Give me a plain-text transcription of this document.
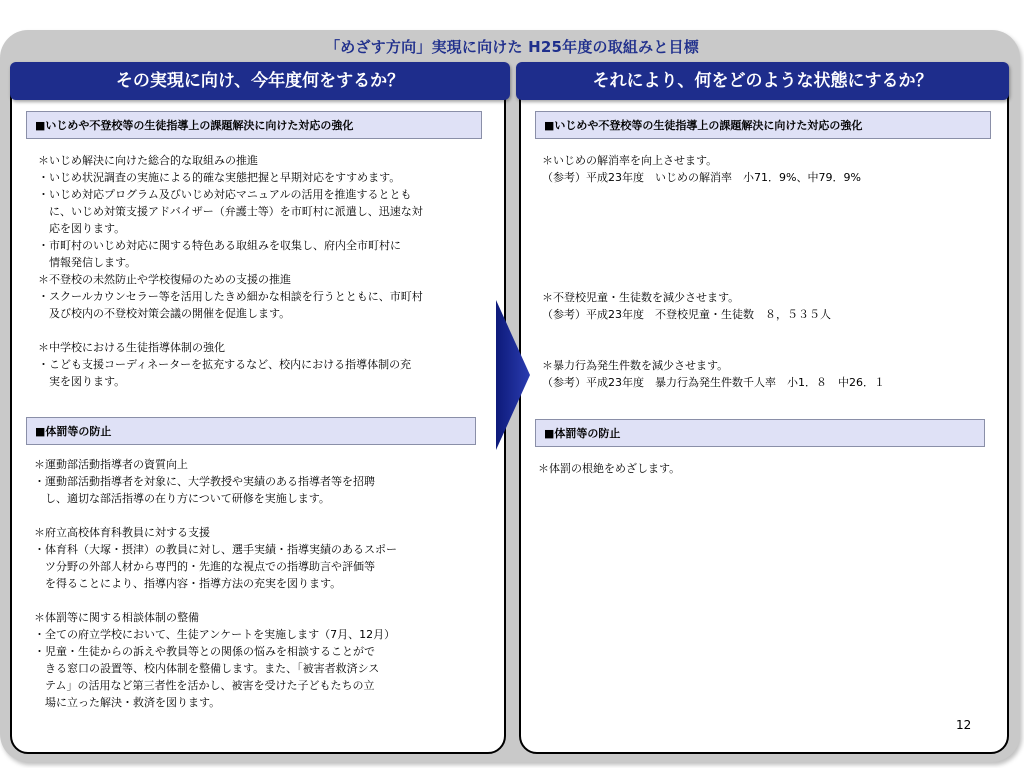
「めざす方向」実現に向けた H25年度の取組みと目標
その実現に向け、今年度何をするか？	それにより、何をどのような状態にするか？
■いじめや不登校等の生徒指導上の課題解決に向けた対応の強化
＊いじめ解決に向けた総合的な取組みの推進
・いじめ状況調査の実施による的確な実態把握と早期対応をすすめます。
・いじめ対応プログラム及びいじめ対応マニュアルの活用を推進するととも
　に、いじめ対策支援アドバイザー（弁護士等）を市町村に派遣し、迅速な対
　応を図ります。
・市町村のいじめ対応に関する特色ある取組みを収集し、府内全市町村に
　情報発信します。
＊不登校の未然防止や学校復帰のための支援の推進
・スクールカウンセラー等を活用したきめ細かな相談を行うとともに、市町村
　及び校内の不登校対策会議の開催を促進します。
＊中学校における生徒指導体制の強化
・こども支援コーディネーターを拡充するなど、校内における指導体制の充
　実を図ります。
■体罰等の防止
＊運動部活動指導者の資質向上
・運動部活動指導者を対象に、大学教授や実績のある指導者等を招聘
　し、適切な部活指導の在り方について研修を実施します。
＊府立高校体育科教員に対する支援
・体育科（大塚・摂津）の教員に対し、選手実績・指導実績のあるスポー
　ツ分野の外部人材から専門的・先進的な視点での指導助言や評価等
　を得ることにより、指導内容・指導方法の充実を図ります。
＊体罰等に関する相談体制の整備
・全ての府立学校において、生徒アンケートを実施します（7月、12月）
・児童・生徒からの訴えや教員等との関係の悩みを相談することがで
　きる窓口の設置等、校内体制を整備します。また、「被害者救済シス
　テム」の活用など第三者性を活かし、被害を受けた子どもたちの立
　場に立った解決・救済を図ります。
■いじめや不登校等の生徒指導上の課題解決に向けた対応の強化
＊いじめの解消率を向上させます。
（参考）平成23年度　いじめの解消率　小71．9%、中79．9%
＊不登校児童・生徒数を減少させます。
（参考）平成23年度　不登校児童・生徒数　８，５３５人
＊暴力行為発生件数を減少させます。
（参考）平成23年度　暴力行為発生件数千人率　小1．８　中26．１
■体罰等の防止
＊体罰の根絶をめざします。
12
